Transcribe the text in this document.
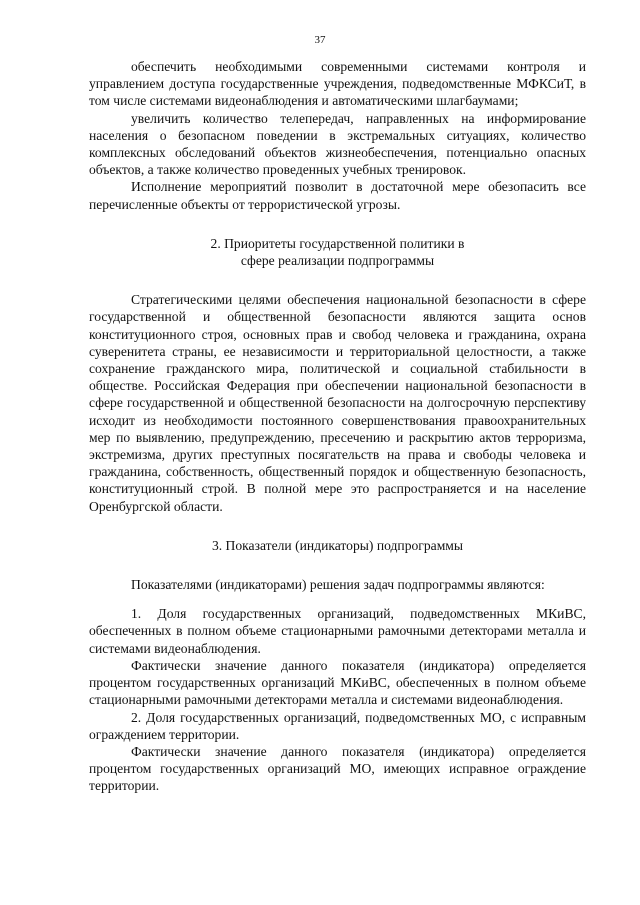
37

обеспечить необходимыми современными системами контроля и управлением доступа государственные учреждения, подведомственные МФКСиТ, в том числе системами видеонаблюдения и автоматическими шлагбаумами;

увеличить количество телепередач, направленных на информирование населения о безопасном поведении в экстремальных ситуациях, количество комплексных обследований объектов жизнеобеспечения, потенциально опасных объектов, а также количество проведенных учебных тренировок.

Исполнение мероприятий позволит в достаточной мере обезопасить все перечисленные объекты от террористической угрозы.

2. Приоритеты государственной политики в
сфере реализации подпрограммы

Стратегическими целями обеспечения национальной безопасности в сфере государственной и общественной безопасности являются защита основ конституционного строя, основных прав и свобод человека и гражданина, охрана суверенитета страны, ее независимости и территориальной целостности, а также сохранение гражданского мира, политической и социальной стабильности в обществе. Российская Федерация при обеспечении национальной безопасности в сфере государственной и общественной безопасности на долгосрочную перспективу исходит из необходимости постоянного совершенствования правоохранительных мер по выявлению, предупреждению, пресечению и раскрытию актов терроризма, экстремизма, других преступных посягательств на права и свободы человека и гражданина, собственность, общественный порядок и общественную безопасность, конституционный строй. В полной мере это распространяется и на население Оренбургской области.

3. Показатели (индикаторы) подпрограммы

Показателями (индикаторами) решения задач подпрограммы являются:

1. Доля государственных организаций, подведомственных МКиВС, обеспеченных в полном объеме стационарными рамочными детекторами металла и системами видеонаблюдения.

Фактически значение данного показателя (индикатора) определяется процентом государственных организаций МКиВС, обеспеченных в полном объеме стационарными рамочными детекторами металла и системами видеонаблюдения.

2. Доля государственных организаций, подведомственных МО, с исправным ограждением территории.

Фактически значение данного показателя (индикатора) определяется процентом государственных организаций МО, имеющих исправное ограждение территории.
